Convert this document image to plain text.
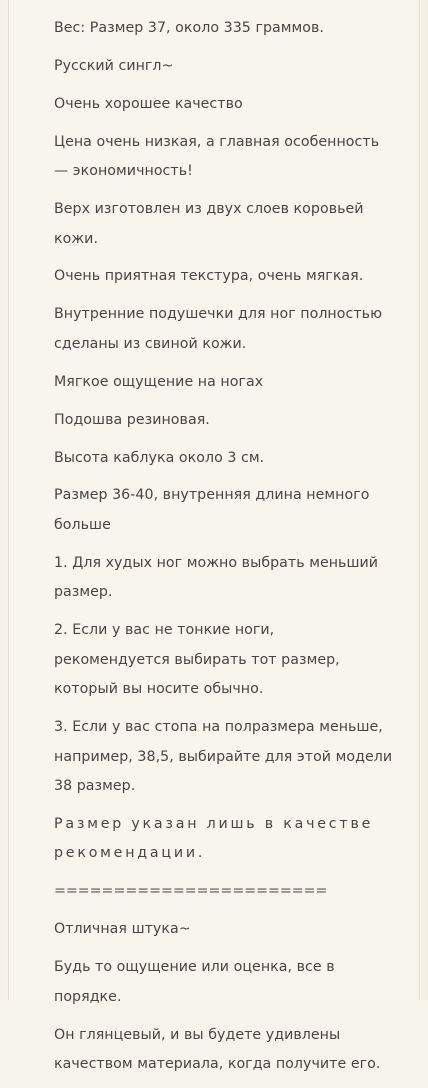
Вес: Размер 37, около 335 граммов.

Русский сингл~

Очень хорошее качество

Цена очень низкая, а главная особенность — экономичность!

Верх изготовлен из двух слоев коровьей кожи.

Очень приятная текстура, очень мягкая.

Внутренние подушечки для ног полностью сделаны из свиной кожи.

Мягкое ощущение на ногах

Подошва резиновая.

Высота каблука около 3 см.

Размер 36-40, внутренняя длина немного больше

1. Для худых ног можно выбрать меньший размер.

2. Если у вас не тонкие ноги, рекомендуется выбирать тот размер, который вы носите обычно.

3. Если у вас стопа на полразмера меньше, например, 38,5, выбирайте для этой модели 38 размер.

Размер указан лишь в качестве рекомендации.

=======================

Отличная штука~

Будь то ощущение или оценка, все в порядке.

Он глянцевый, и вы будете удивлены качеством материала, когда получите его.
